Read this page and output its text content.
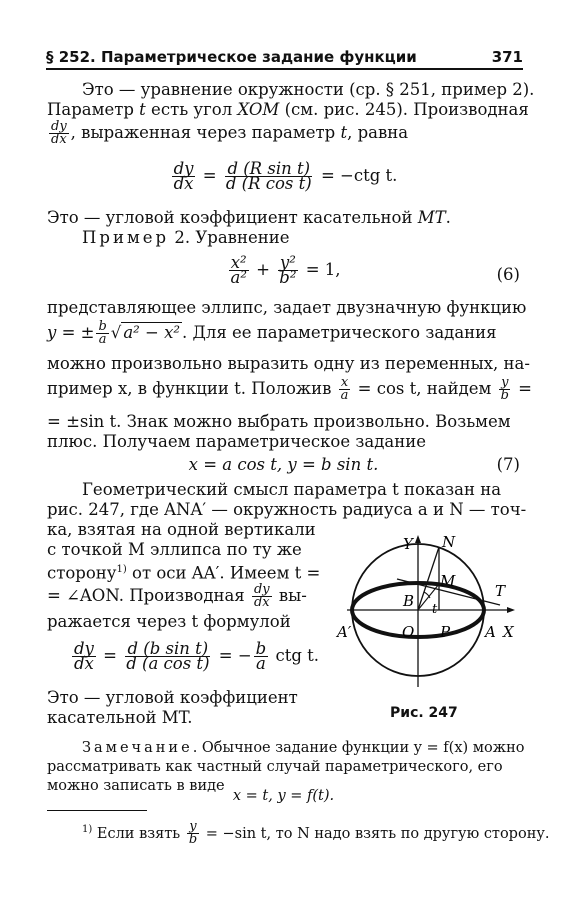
§ 252. Параметрическое задание функции	371
Это — уравнение окружности (ср. § 251, пример 2).
Параметр t есть угол XOM (см. рис. 245). Производная
$\frac{dy}{dx}$ , выраженная через параметр t, равна
$\frac{dy}{dx} = \frac{\text{d (R sin t)}}{\text{d (R cos t)}} = -ctg$ t.
Это — угловой коэффициент касательной MT.
Пример 2. Уравнение
$\frac{\text{x²}}{\text{a²}} + \frac{\text{y²}}{\text{b²}} = 1$,	(6)
представляющее эллипс, задает двузначную функцию
y = ± $\frac{b}{a}$ √ a² − x² . Для ее параметрического задания
можно произвольно выразить одну из переменных, на-
пример x, в функции t. Положив $\frac{x}{a} = \cos t$, найдем $\frac{y}{b}$ =
= ±sin t. Знак можно выбрать произвольно. Возьмем
плюс. Получаем параметрическое задание
x = a cos t, y = b sin t.	(7)
Геометрический смысл параметра t показан на
рис. 247, где ANA′ — окружность радиуса a и N — точ-
ка, взятая на одной вертикали
с точкой M эллипса по ту же
сторону$^{1)}$ от оси AA′. Имеем t =
= ∠AON. Производная $\frac{dy}{dx} вы-$
ражается через t формулой
$\frac{dy}{dx} = \frac{\text{d (b sin t)}}{\text{d (a cos t)}}$ = − $\frac{b}{a}$ ctg t.
Это — угловой коэффициент
касательной MT.
Y N
M
T
B t
A′	O P A X
Рис. 247
Замечание. Обычное задание функции y = f(x) можно
рассматривать как частный случай параметрического, его
можно записать в виде
x = t, y = f(t).
$^{1)}$ Если взять $\frac{y}{b} = -\sin$ t, то N надо взять по другую сторону.
